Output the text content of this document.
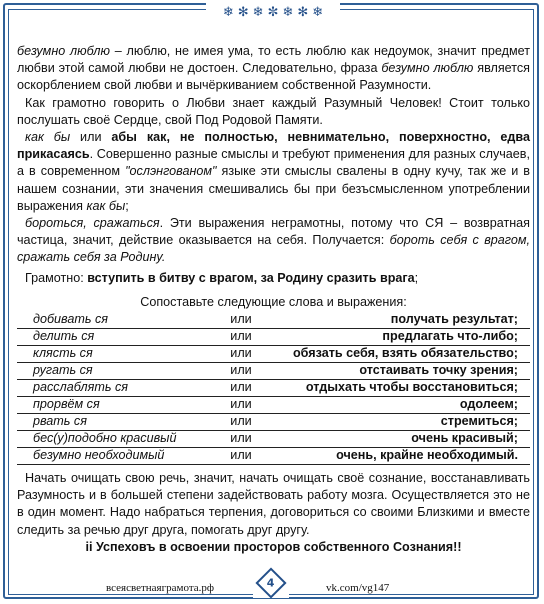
❄ ✻ ❄ ✼ ❄ ✻ ❄

безумно люблю – люблю, не имея ума, то есть люблю как недоумок, значит предмет любви этой самой любви не достоен. Следовательно, фраза безумно люблю является оскорблением свой любви и вычёркиванием собственной Разумности.

Как грамотно говорить о Любви знает каждый Разумный Человек! Стоит только послушать своё Сердце, свой Под Родовой Памяти.

как бы или абы как, не полностью, невнимательно, поверхностно, едва прикасаясь. Совершенно разные смыслы и требуют применения для разных случаев, а в современном "ослэнгованом" языке эти смыслы свалены в одну кучу, так же и в нашем сознании, эти значения смешивались бы при безъсмысленном употреблении выражения как бы;

бороться, сражаться. Эти выражения неграмотны, потому что СЯ – возвратная частица, значит, действие оказывается на себя. Получается: бороть себя с врагом, сражать себя за Родину.

Грамотно: вступить в битву с врагом, за Родину сразить врага;

Сопоставьте следующие слова и выражения:

добивать ся	или	получать результат;
делить ся	или	предлагать что-либо;
клясть ся	или	обязать себя, взять обязательство;
ругать ся	или	отстаивать точку зрения;
расслаблять ся	или	отдыхать чтобы восстановиться;
прорвём ся	или	одолеем;
рвать ся	или	стремиться;
бес(у)подобно красивый	или	очень красивый;
безумно необходимый	или	очень, крайне необходимый.

Начать очищать свою речь, значит, начать очищать своё сознание, восстанавливать Разумность и в большей степени задействовать работу мозга. Осуществляется это не в один момент. Надо набраться терпения, договориться со своими Близкими и вместе следить за речью друг друга, помогать друг другу.

ii Успеховъ в освоении просторов собственного Сознания!!

всеясветнаяграмота.рф	4	vk.com/vg147
